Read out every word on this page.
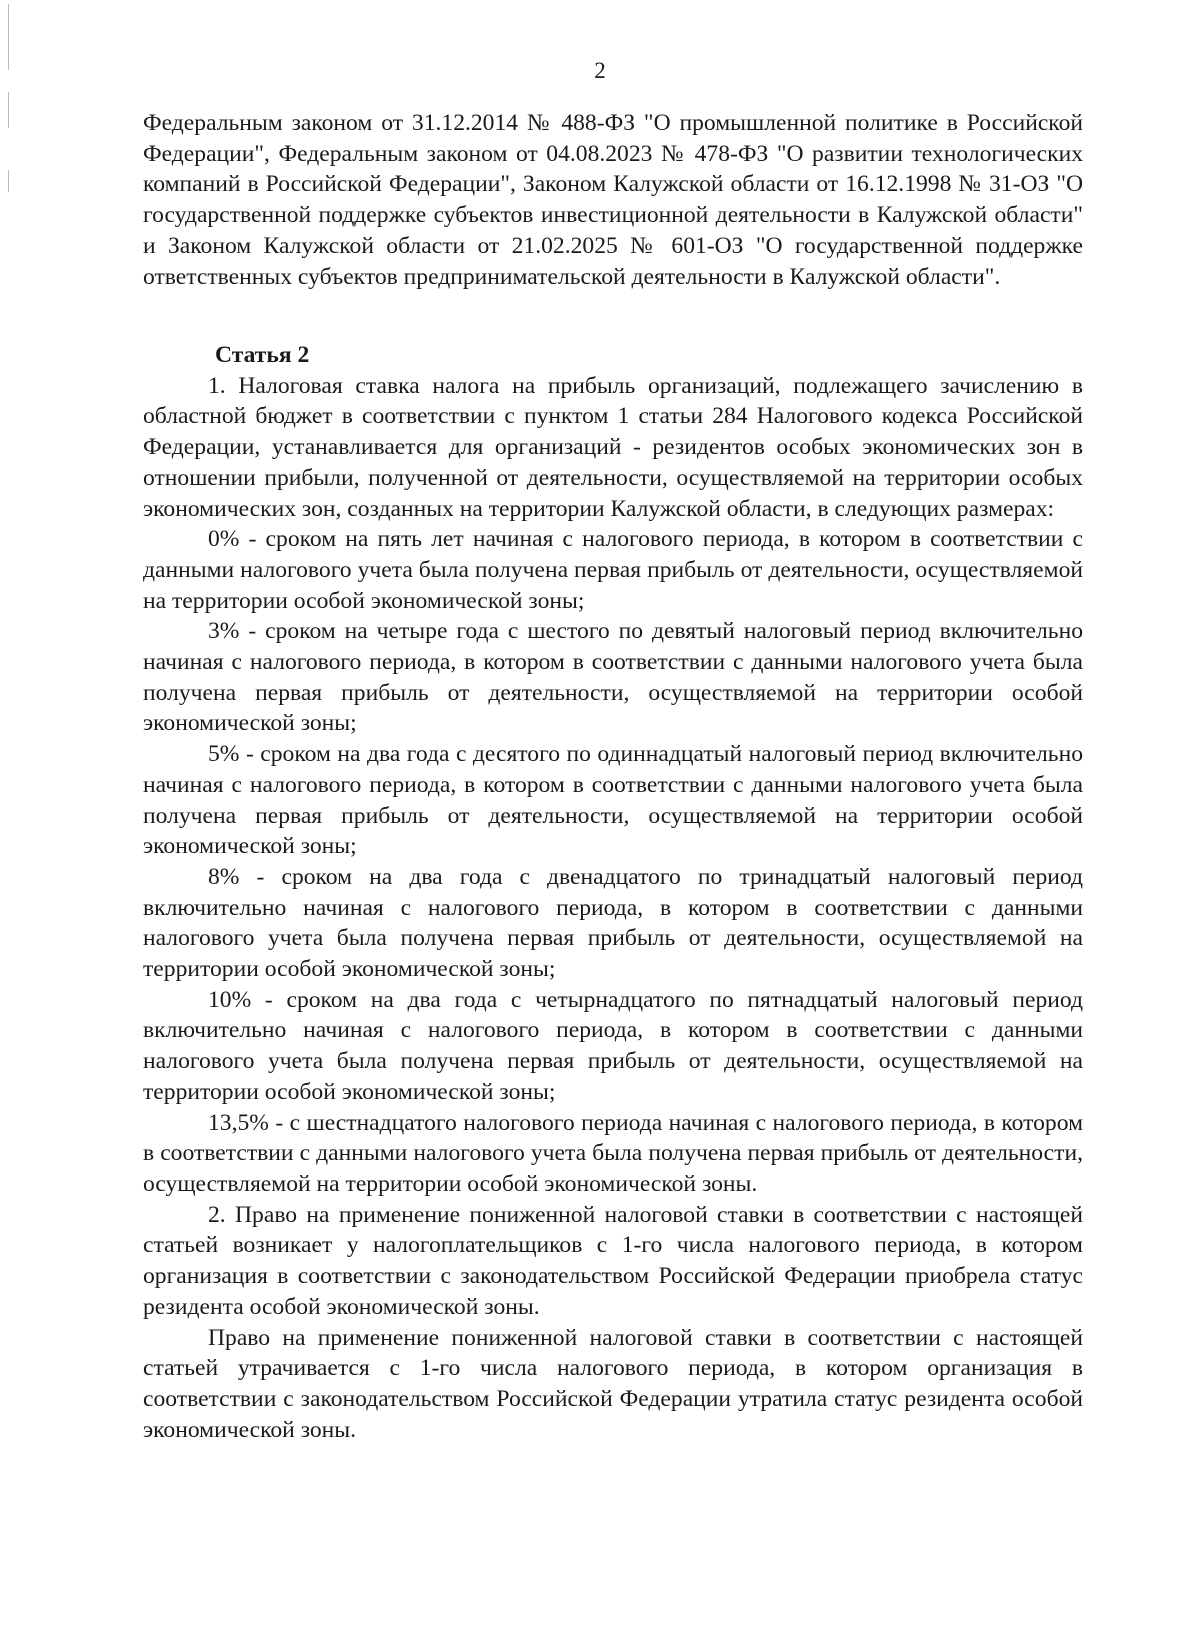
2

Федеральным законом от 31.12.2014 № 488-ФЗ "О промышленной политике в Российской Федерации", Федеральным законом от 04.08.2023 № 478-ФЗ "О развитии технологических компаний в Российской Федерации", Законом Калужской области от 16.12.1998 № 31-ОЗ "О государственной поддержке субъектов инвестиционной деятельности в Калужской области" и Законом Калужской области от 21.02.2025 № 601-ОЗ "О государственной поддержке ответственных субъектов предпринимательской деятельности в Калужской области".

Статья 2

1. Налоговая ставка налога на прибыль организаций, подлежащего зачислению в областной бюджет в соответствии с пунктом 1 статьи 284 Налогового кодекса Российской Федерации, устанавливается для организаций - резидентов особых экономических зон в отношении прибыли, полученной от деятельности, осуществляемой на территории особых экономических зон, созданных на территории Калужской области, в следующих размерах:

0% - сроком на пять лет начиная с налогового периода, в котором в соответствии с данными налогового учета была получена первая прибыль от деятельности, осуществляемой на территории особой экономической зоны;

3% - сроком на четыре года с шестого по девятый налоговый период включительно начиная с налогового периода, в котором в соответствии с данными налогового учета была получена первая прибыль от деятельности, осуществляемой на территории особой экономической зоны;

5% - сроком на два года с десятого по одиннадцатый налоговый период включительно начиная с налогового периода, в котором в соответствии с данными налогового учета была получена первая прибыль от деятельности, осуществляемой на территории особой экономической зоны;

8% - сроком на два года с двенадцатого по тринадцатый налоговый период включительно начиная с налогового периода, в котором в соответствии с данными налогового учета была получена первая прибыль от деятельности, осуществляемой на территории особой экономической зоны;

10% - сроком на два года с четырнадцатого по пятнадцатый налоговый период включительно начиная с налогового периода, в котором в соответствии с данными налогового учета была получена первая прибыль от деятельности, осуществляемой на территории особой экономической зоны;

13,5% - с шестнадцатого налогового периода начиная с налогового периода, в котором в соответствии с данными налогового учета была получена первая прибыль от деятельности, осуществляемой на территории особой экономической зоны.

2. Право на применение пониженной налоговой ставки в соответствии с настоящей статьей возникает у налогоплательщиков с 1-го числа налогового периода, в котором организация в соответствии с законодательством Российской Федерации приобрела статус резидента особой экономической зоны.

Право на применение пониженной налоговой ставки в соответствии с настоящей статьей утрачивается с 1-го числа налогового периода, в котором организация в соответствии с законодательством Российской Федерации утратила статус резидента особой экономической зоны.
